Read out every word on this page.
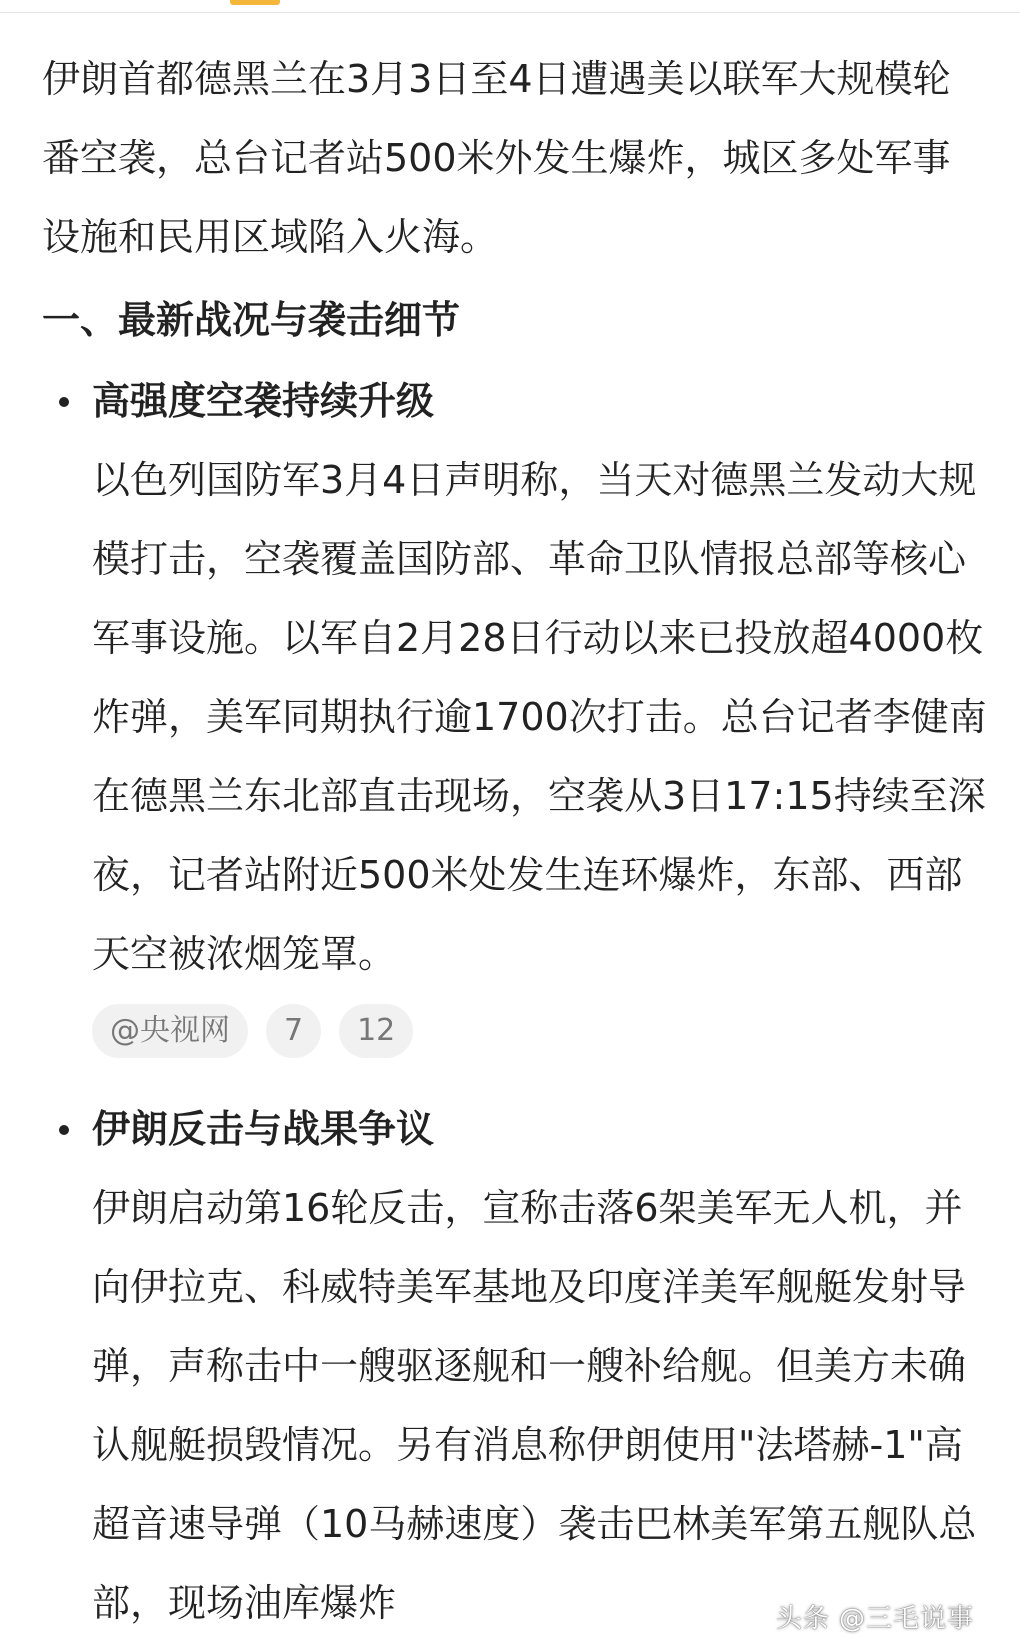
伊朗首都德黑兰在3月3日至4日遭遇美以联军大规模轮番空袭，总台记者站500米外发生爆炸，城区多处军事设施和民用区域陷入火海。

一、最新战况与袭击细节
高强度空袭持续升级
以色列国防军3月4日声明称，当天对德黑兰发动大规模打击，空袭覆盖国防部、革命卫队情报总部等核心军事设施。以军自2月28日行动以来已投放超4000枚炸弹，美军同期执行逾1700次打击。总台记者李健南在德黑兰东北部直击现场，空袭从3日17:15持续至深夜，记者站附近500米处发生连环爆炸，东部、西部天空被浓烟笼罩。
@央视网	7	12
伊朗反击与战果争议
伊朗启动第16轮反击，宣称击落6架美军无人机，并向伊拉克、科威特美军基地及印度洋美军舰艇发射导弹，声称击中一艘驱逐舰和一艘补给舰。但美方未确认舰艇损毁情况。另有消息称伊朗使用"法塔赫-1"高超音速导弹（10马赫速度）袭击巴林美军第五舰队总部，现场油库爆炸	头条 @三毛说事
